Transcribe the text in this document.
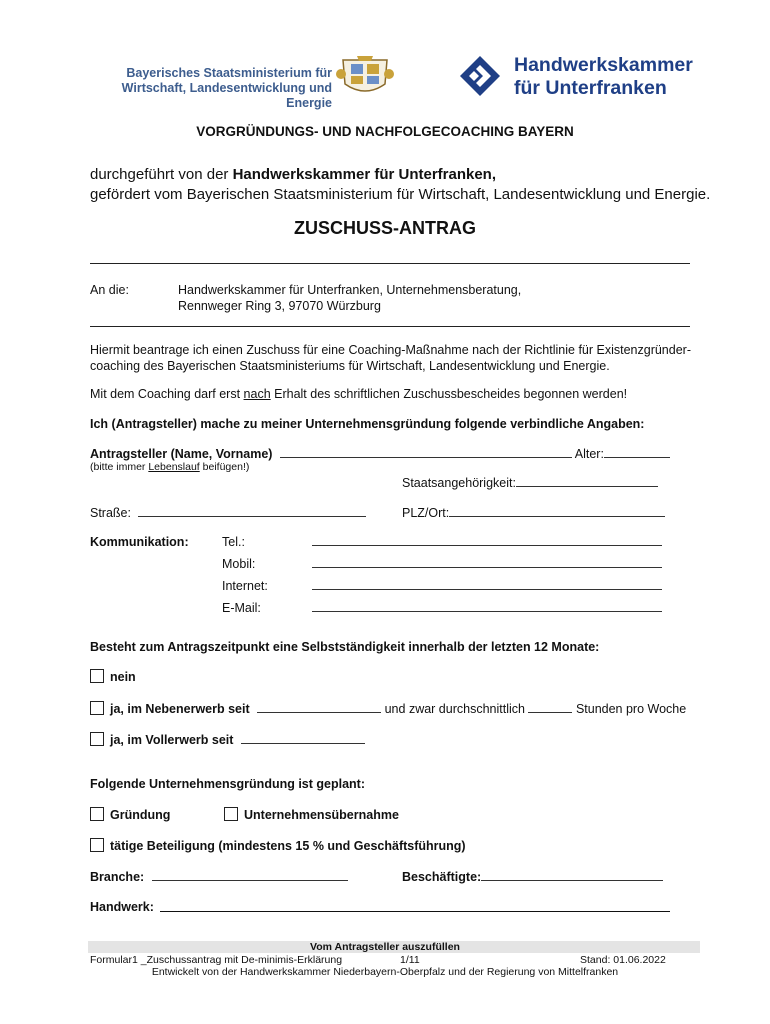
Bayerisches Staatsministerium für
Wirtschaft, Landesentwicklung und Energie
Handwerkskammer
für Unterfranken
VORGRÜNDUNGS- UND NACHFOLGECOACHING BAYERN
durchgeführt von der Handwerkskammer für Unterfranken,
gefördert vom Bayerischen Staatsministerium für Wirtschaft, Landesentwicklung und Energie.
ZUSCHUSS-ANTRAG
An die:	Handwerkskammer für Unterfranken, Unternehmensberatung,
Rennweger Ring 3, 97070 Würzburg
Hiermit beantrage ich einen Zuschuss für eine Coaching-Maßnahme nach der Richtlinie für Existenzgründer-
coaching des Bayerischen Staatsministeriums für Wirtschaft, Landesentwicklung und Energie.
Mit dem Coaching darf erst nach Erhalt des schriftlichen Zuschussbescheides begonnen werden!
Ich (Antragsteller) mache zu meiner Unternehmensgründung folgende verbindliche Angaben:
Antragsteller (Name, Vorname)	Alter:
(bitte immer Lebenslauf beifügen!)
Staatsangehörigkeit:
Straße:	PLZ/Ort:
Kommunikation:	Tel.:
Mobil:
Internet:
E-Mail:
Besteht zum Antragszeitpunkt eine Selbstständigkeit innerhalb der letzten 12 Monate:
nein
ja, im Nebenerwerb seit	und zwar durchschnittlich	Stunden pro Woche
ja, im Vollerwerb seit
Folgende Unternehmensgründung ist geplant:
Gründung	Unternehmensübernahme
tätige Beteiligung (mindestens 15 % und Geschäftsführung)
Branche:	Beschäftigte:
Handwerk:
Vom Antragsteller auszufüllen
Formular1 _Zuschussantrag mit De-minimis-Erklärung	1/11	Stand: 01.06.2022
Entwickelt von der Handwerkskammer Niederbayern-Oberpfalz und der Regierung von Mittelfranken
